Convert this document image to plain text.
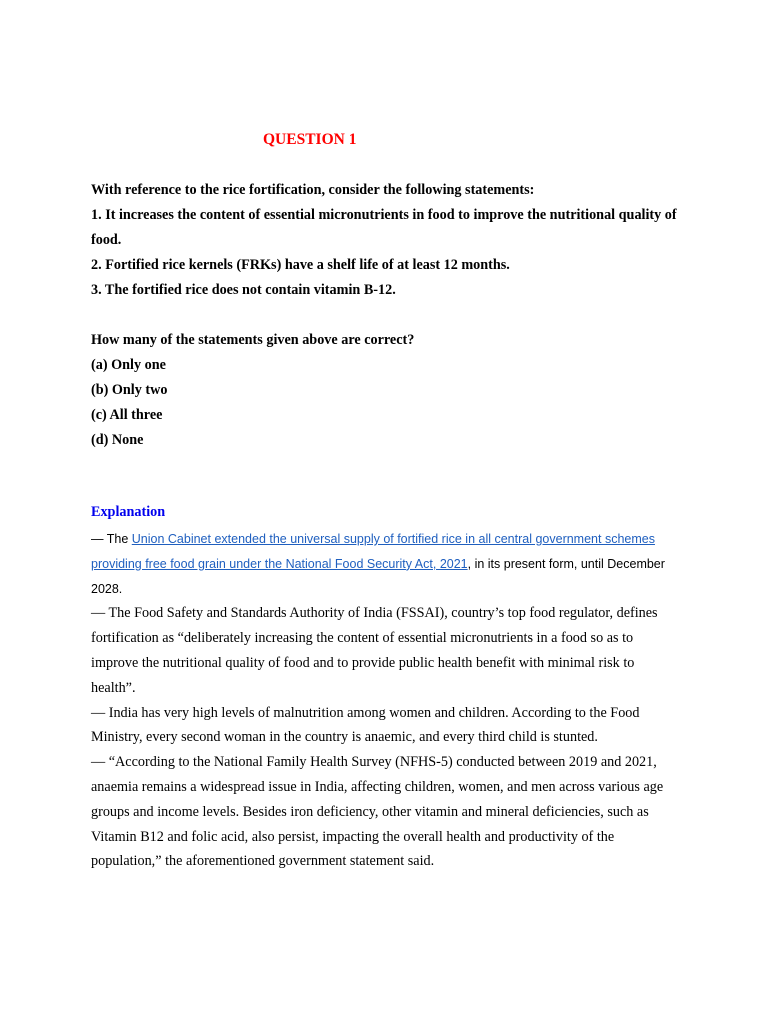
QUESTION 1

With reference to the rice fortification, consider the following statements:

1. It increases the content of essential micronutrients in food to improve the nutritional quality of food.

2. Fortified rice kernels (FRKs) have a shelf life of at least 12 months.

3. The fortified rice does not contain vitamin B-12.

How many of the statements given above are correct?

(a) Only one

(b) Only two

(c) All three

(d) None

Explanation

— The Union Cabinet extended the universal supply of fortified rice in all central government schemes providing free food grain under the National Food Security Act, 2021, in its present form, until December 2028.

— The Food Safety and Standards Authority of India (FSSAI), country’s top food regulator, defines fortification as “deliberately increasing the content of essential micronutrients in a food so as to improve the nutritional quality of food and to provide public health benefit with minimal risk to health”.

— India has very high levels of malnutrition among women and children. According to the Food Ministry, every second woman in the country is anaemic, and every third child is stunted.

— “According to the National Family Health Survey (NFHS-5) conducted between 2019 and 2021, anaemia remains a widespread issue in India, affecting children, women, and men across various age groups and income levels. Besides iron deficiency, other vitamin and mineral deficiencies, such as Vitamin B12 and folic acid, also persist, impacting the overall health and productivity of the population,” the aforementioned government statement said.
